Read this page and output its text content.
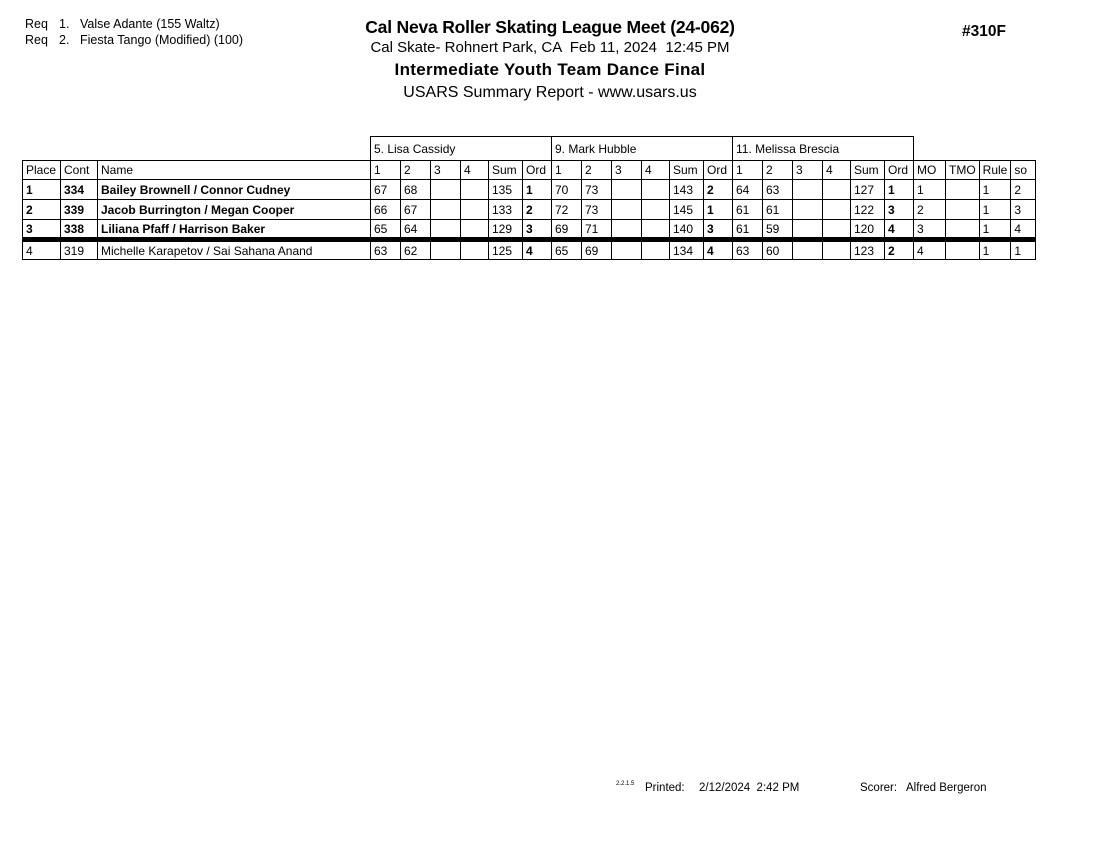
Req 1. Valse Adante (155 Waltz)
Req 2. Fiesta Tango (Modified) (100)
Cal Neva Roller Skating League Meet (24-062)
Cal Skate- Rohnert Park, CA  Feb 11, 2024  12:45 PM
Intermediate Youth Team Dance Final
USARS Summary Report - www.usars.us
#310F
			5. Lisa Cassidy						9. Mark Hubble						11. Melissa Brescia									
Place	Cont	Name	1	2	3	4	Sum	Ord	1	2	3	4	Sum	Ord	1	2	3	4	Sum	Ord	MO	TMO	Rule	so
1	334	Bailey Brownell / Connor Cudney	67	68			135	1	70	73			143	2	64	63			127	1	1		1	2
2	339	Jacob Burrington / Megan Cooper	66	67			133	2	72	73			145	1	61	61			122	3	2		1	3
3	338	Liliana Pfaff / Harrison Baker	65	64			129	3	69	71			140	3	61	59			120	4	3		1	4
4	319	Michelle Karapetov / Sai Sahana Anand	63	62			125	4	65	69			134	4	63	60			123	2	4		1	1
2.2.1.5 Printed: 2/12/2024  2:42 PM	Scorer: Alfred Bergeron
